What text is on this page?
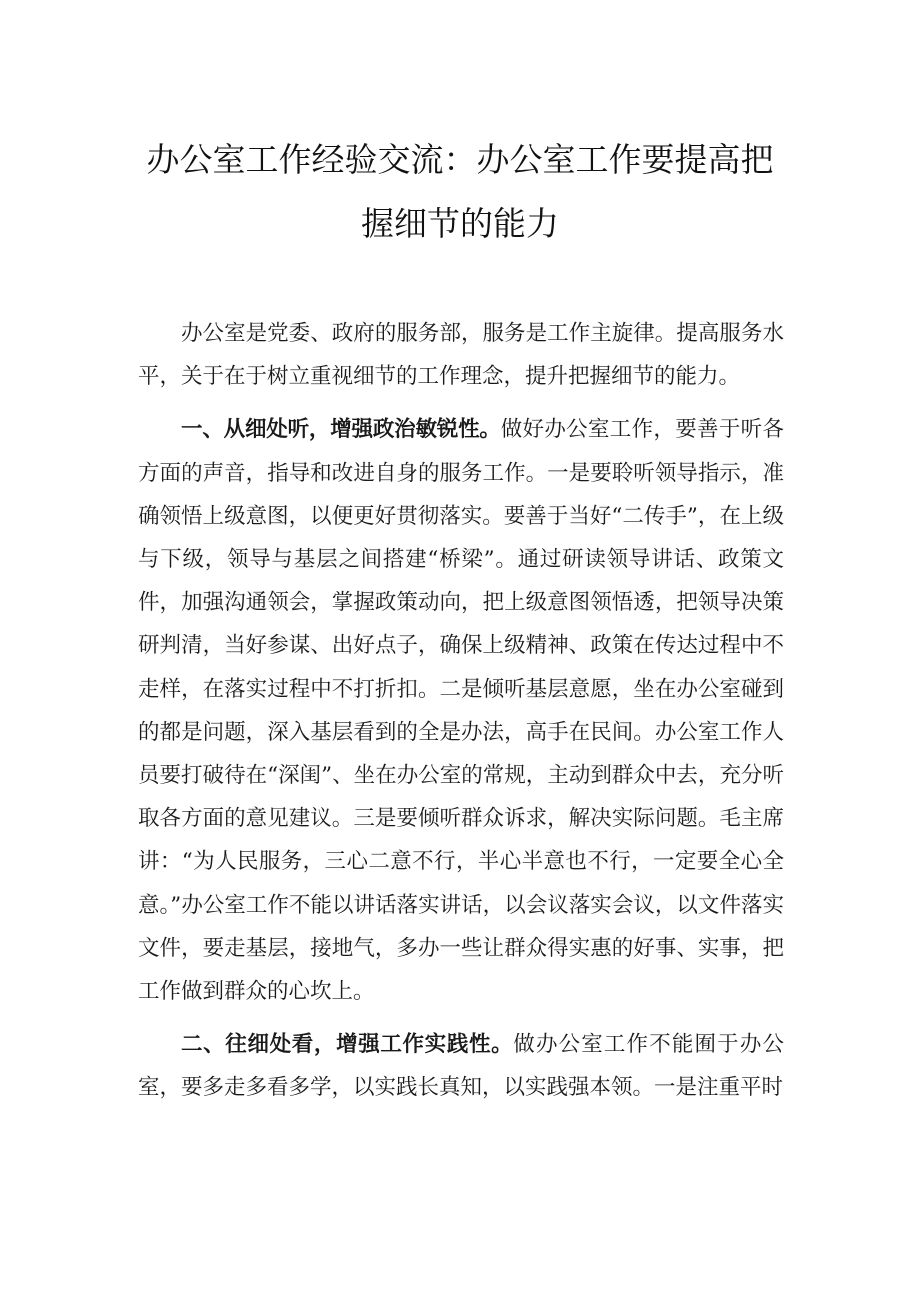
办公室工作经验交流：办公室工作要提高把
握细节的能力

办公室是党委、政府的服务部，服务是工作主旋律。提高服务水平，关于在于树立重视细节的工作理念，提升把握细节的能力。

一、从细处听，增强政治敏锐性。做好办公室工作，要善于听各方面的声音，指导和改进自身的服务工作。一是要聆听领导指示，准确领悟上级意图，以便更好贯彻落实。要善于当好“二传手”，在上级与下级，领导与基层之间搭建“桥梁”。通过研读领导讲话、政策文件，加强沟通领会，掌握政策动向，把上级意图领悟透，把领导决策研判清，当好参谋、出好点子，确保上级精神、政策在传达过程中不走样，在落实过程中不打折扣。二是倾听基层意愿，坐在办公室碰到的都是问题，深入基层看到的全是办法，高手在民间。办公室工作人员要打破待在“深闺”、坐在办公室的常规，主动到群众中去，充分听取各方面的意见建议。三是要倾听群众诉求，解决实际问题。毛主席讲：“为人民服务，三心二意不行，半心半意也不行，一定要全心全意。”办公室工作不能以讲话落实讲话，以会议落实会议，以文件落实文件，要走基层，接地气，多办一些让群众得实惠的好事、实事，把工作做到群众的心坎上。

二、往细处看，增强工作实践性。做办公室工作不能囿于办公室，要多走多看多学，以实践长真知，以实践强本领。一是注重平时
